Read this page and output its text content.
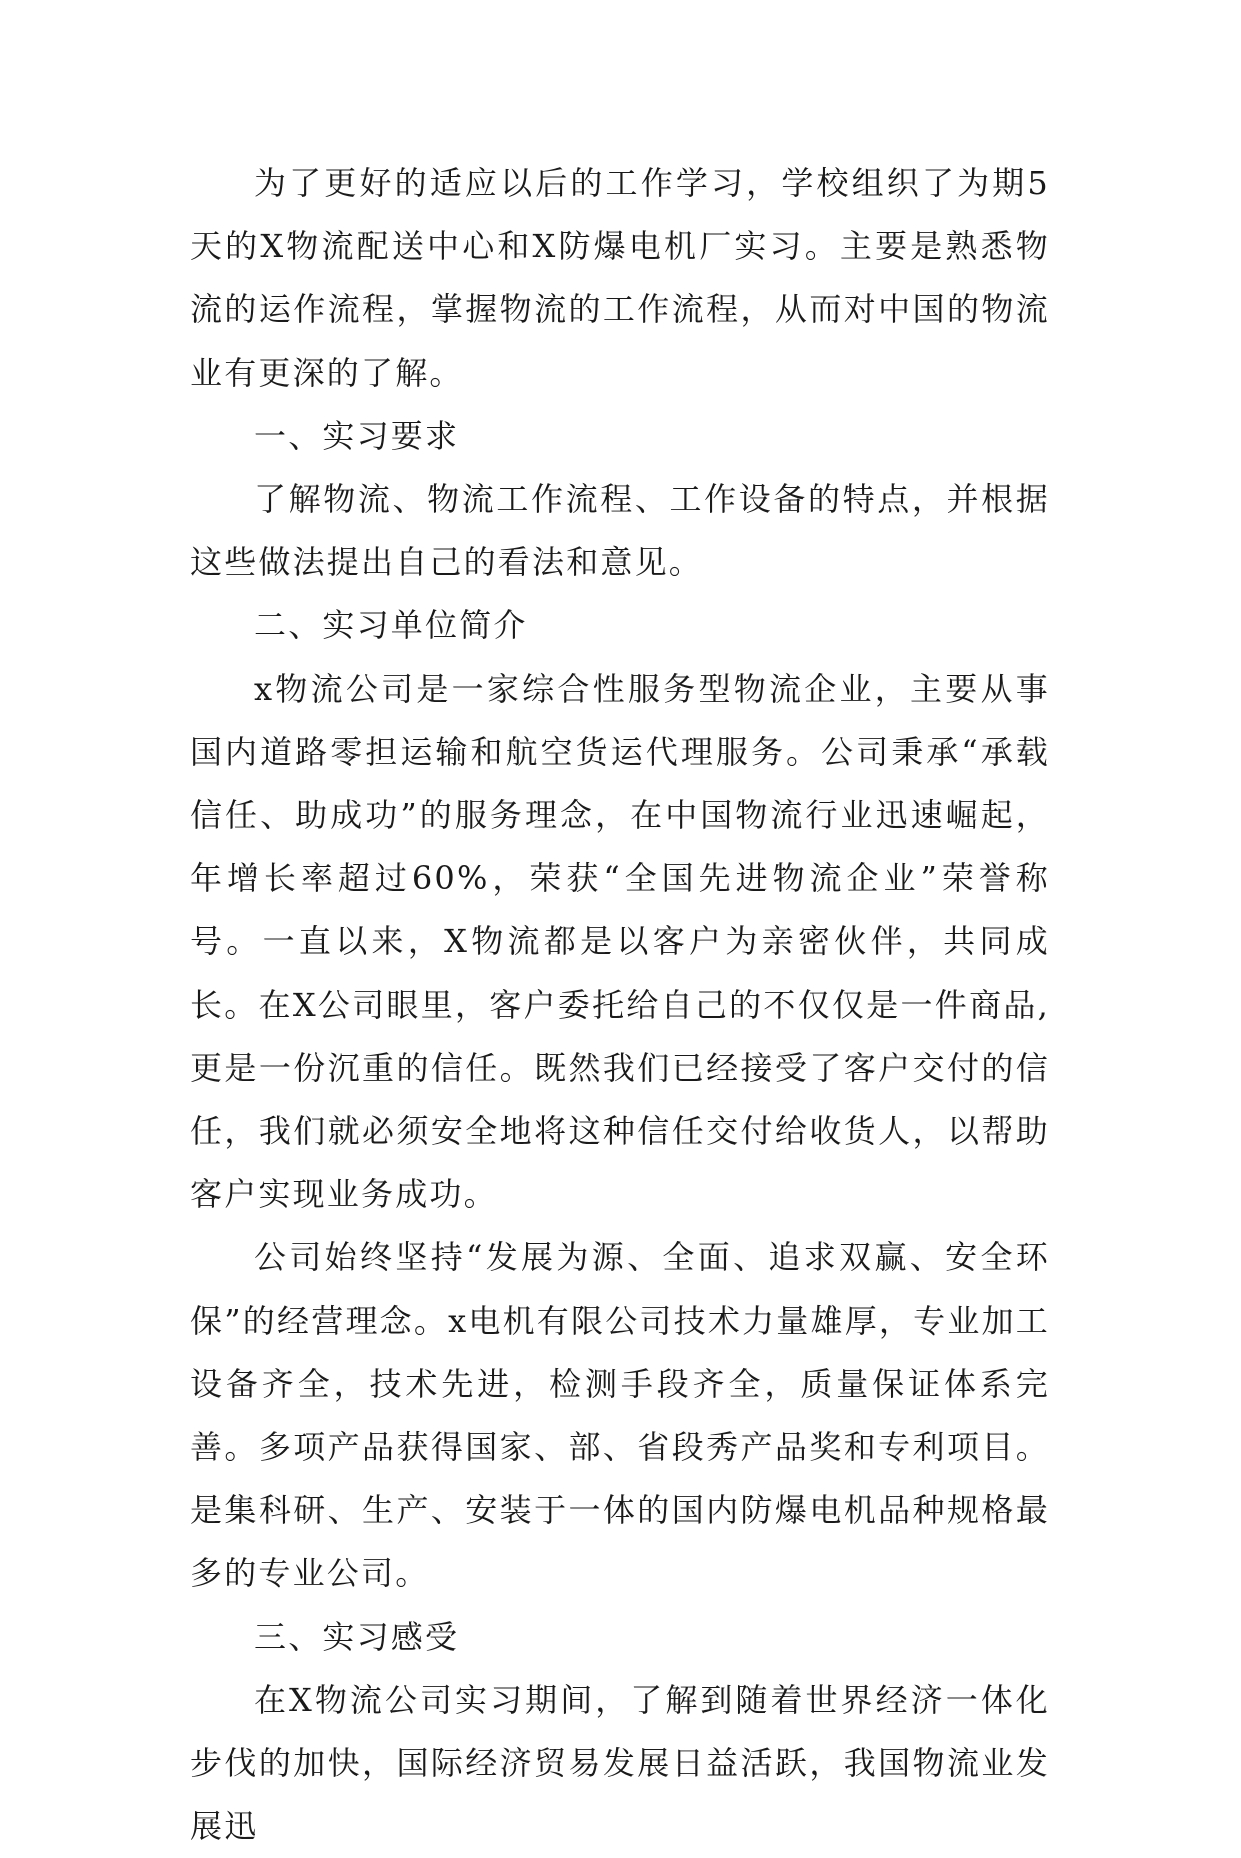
为了更好的适应以后的工作学习，学校组织了为期5天的X物流配送中心和X防爆电机厂实习。主要是熟悉物流的运作流程，掌握物流的工作流程，从而对中国的物流业有更深的了解。

一、实习要求

了解物流、物流工作流程、工作设备的特点，并根据这些做法提出自己的看法和意见。

二、实习单位简介

x物流公司是一家综合性服务型物流企业，主要从事国内道路零担运输和航空货运代理服务。公司秉承“承载信任、助成功”的服务理念，在中国物流行业迅速崛起，年增长率超过60%，荣获“全国先进物流企业”荣誉称号。一直以来，X物流都是以客户为亲密伙伴，共同成长。在X公司眼里，客户委托给自己的不仅仅是一件商品,更是一份沉重的信任。既然我们已经接受了客户交付的信任，我们就必须安全地将这种信任交付给收货人，以帮助客户实现业务成功。

公司始终坚持“发展为源、全面、追求双赢、安全环保”的经营理念。x电机有限公司技术力量雄厚，专业加工设备齐全，技术先进，检测手段齐全，质量保证体系完善。多项产品获得国家、部、省段秀产品奖和专利项目。是集科研、生产、安装于一体的国内防爆电机品种规格最多的专业公司。

三、实习感受

在X物流公司实习期间，了解到随着世界经济一体化步伐的加快，国际经济贸易发展日益活跃，我国物流业发展迅
